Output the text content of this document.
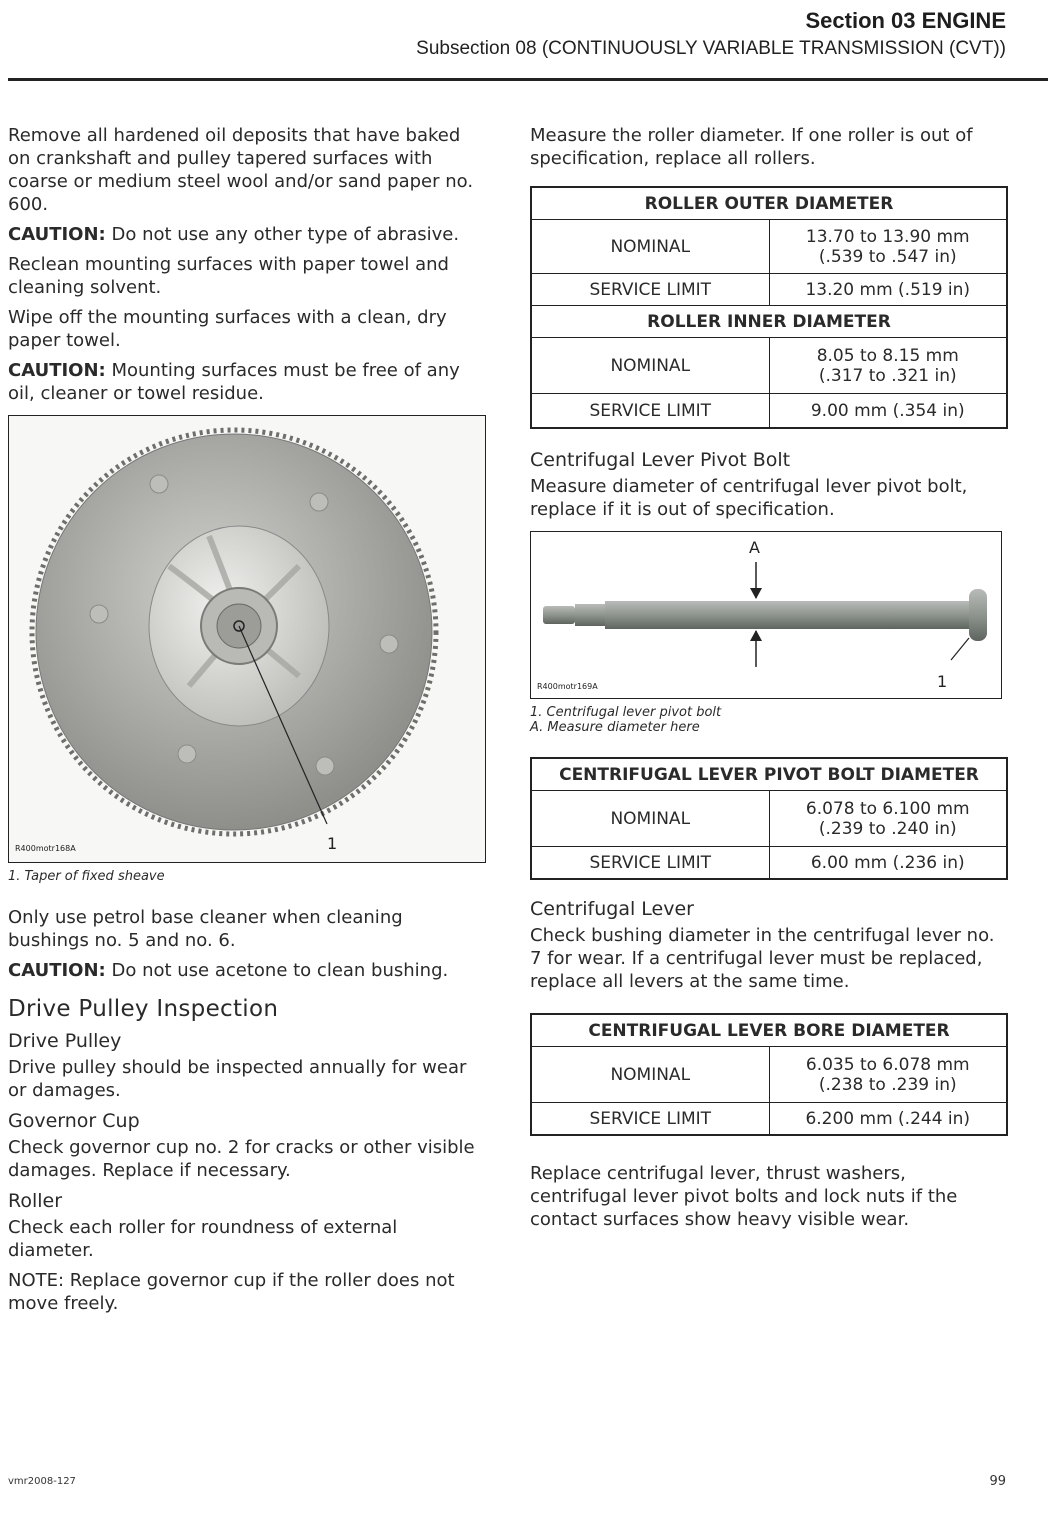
Section 03 ENGINE
Subsection 08 (CONTINUOUSLY VARIABLE TRANSMISSION (CVT))

Remove all hardened oil deposits that have baked on crankshaft and pulley tapered surfaces with coarse or medium steel wool and/or sand paper no. 600.

CAUTION: Do not use any other type of abrasive.

Reclean mounting surfaces with paper towel and cleaning solvent.

Wipe off the mounting surfaces with a clean, dry paper towel.

CAUTION: Mounting surfaces must be free of any oil, cleaner or towel residue.

R400motr168A	1

1. Taper of fixed sheave

Only use petrol base cleaner when cleaning bushings no. 5 and no. 6.

CAUTION: Do not use acetone to clean bushing.

Drive Pulley Inspection
Drive Pulley

Drive pulley should be inspected annually for wear or damages.

Governor Cup

Check governor cup no. 2 for cracks or other visible damages. Replace if necessary.

Roller

Check each roller for roundness of external diameter.

NOTE: Replace governor cup if the roller does not move freely.

Measure the roller diameter. If one roller is out of specification, replace all rollers.

ROLLER OUTER DIAMETER	
NOMINAL	13.70 to 13.90 mm
(.539 to .547 in)

SERVICE LIMIT	13.20 mm (.519 in)
ROLLER INNER DIAMETER	
NOMINAL	8.05 to 8.15 mm
(.317 to .321 in)

SERVICE LIMIT	9.00 mm (.354 in)
Centrifugal Lever Pivot Bolt

Measure diameter of centrifugal lever pivot bolt, replace if it is out of specification.

A
1
R400motr169A

1. Centrifugal lever pivot bolt

A. Measure diameter here

CENTRIFUGAL LEVER PIVOT BOLT DIAMETER	
NOMINAL	6.078 to 6.100 mm
(.239 to .240 in)

SERVICE LIMIT	6.00 mm (.236 in)
Centrifugal Lever

Check bushing diameter in the centrifugal lever no. 7 for wear. If a centrifugal lever must be replaced, replace all levers at the same time.

CENTRIFUGAL LEVER BORE DIAMETER	
NOMINAL	6.035 to 6.078 mm
(.238 to .239 in)

SERVICE LIMIT	6.200 mm (.244 in)

Replace centrifugal lever, thrust washers, centrifugal lever pivot bolts and lock nuts if the contact surfaces show heavy visible wear.

vmr2008-127	99
